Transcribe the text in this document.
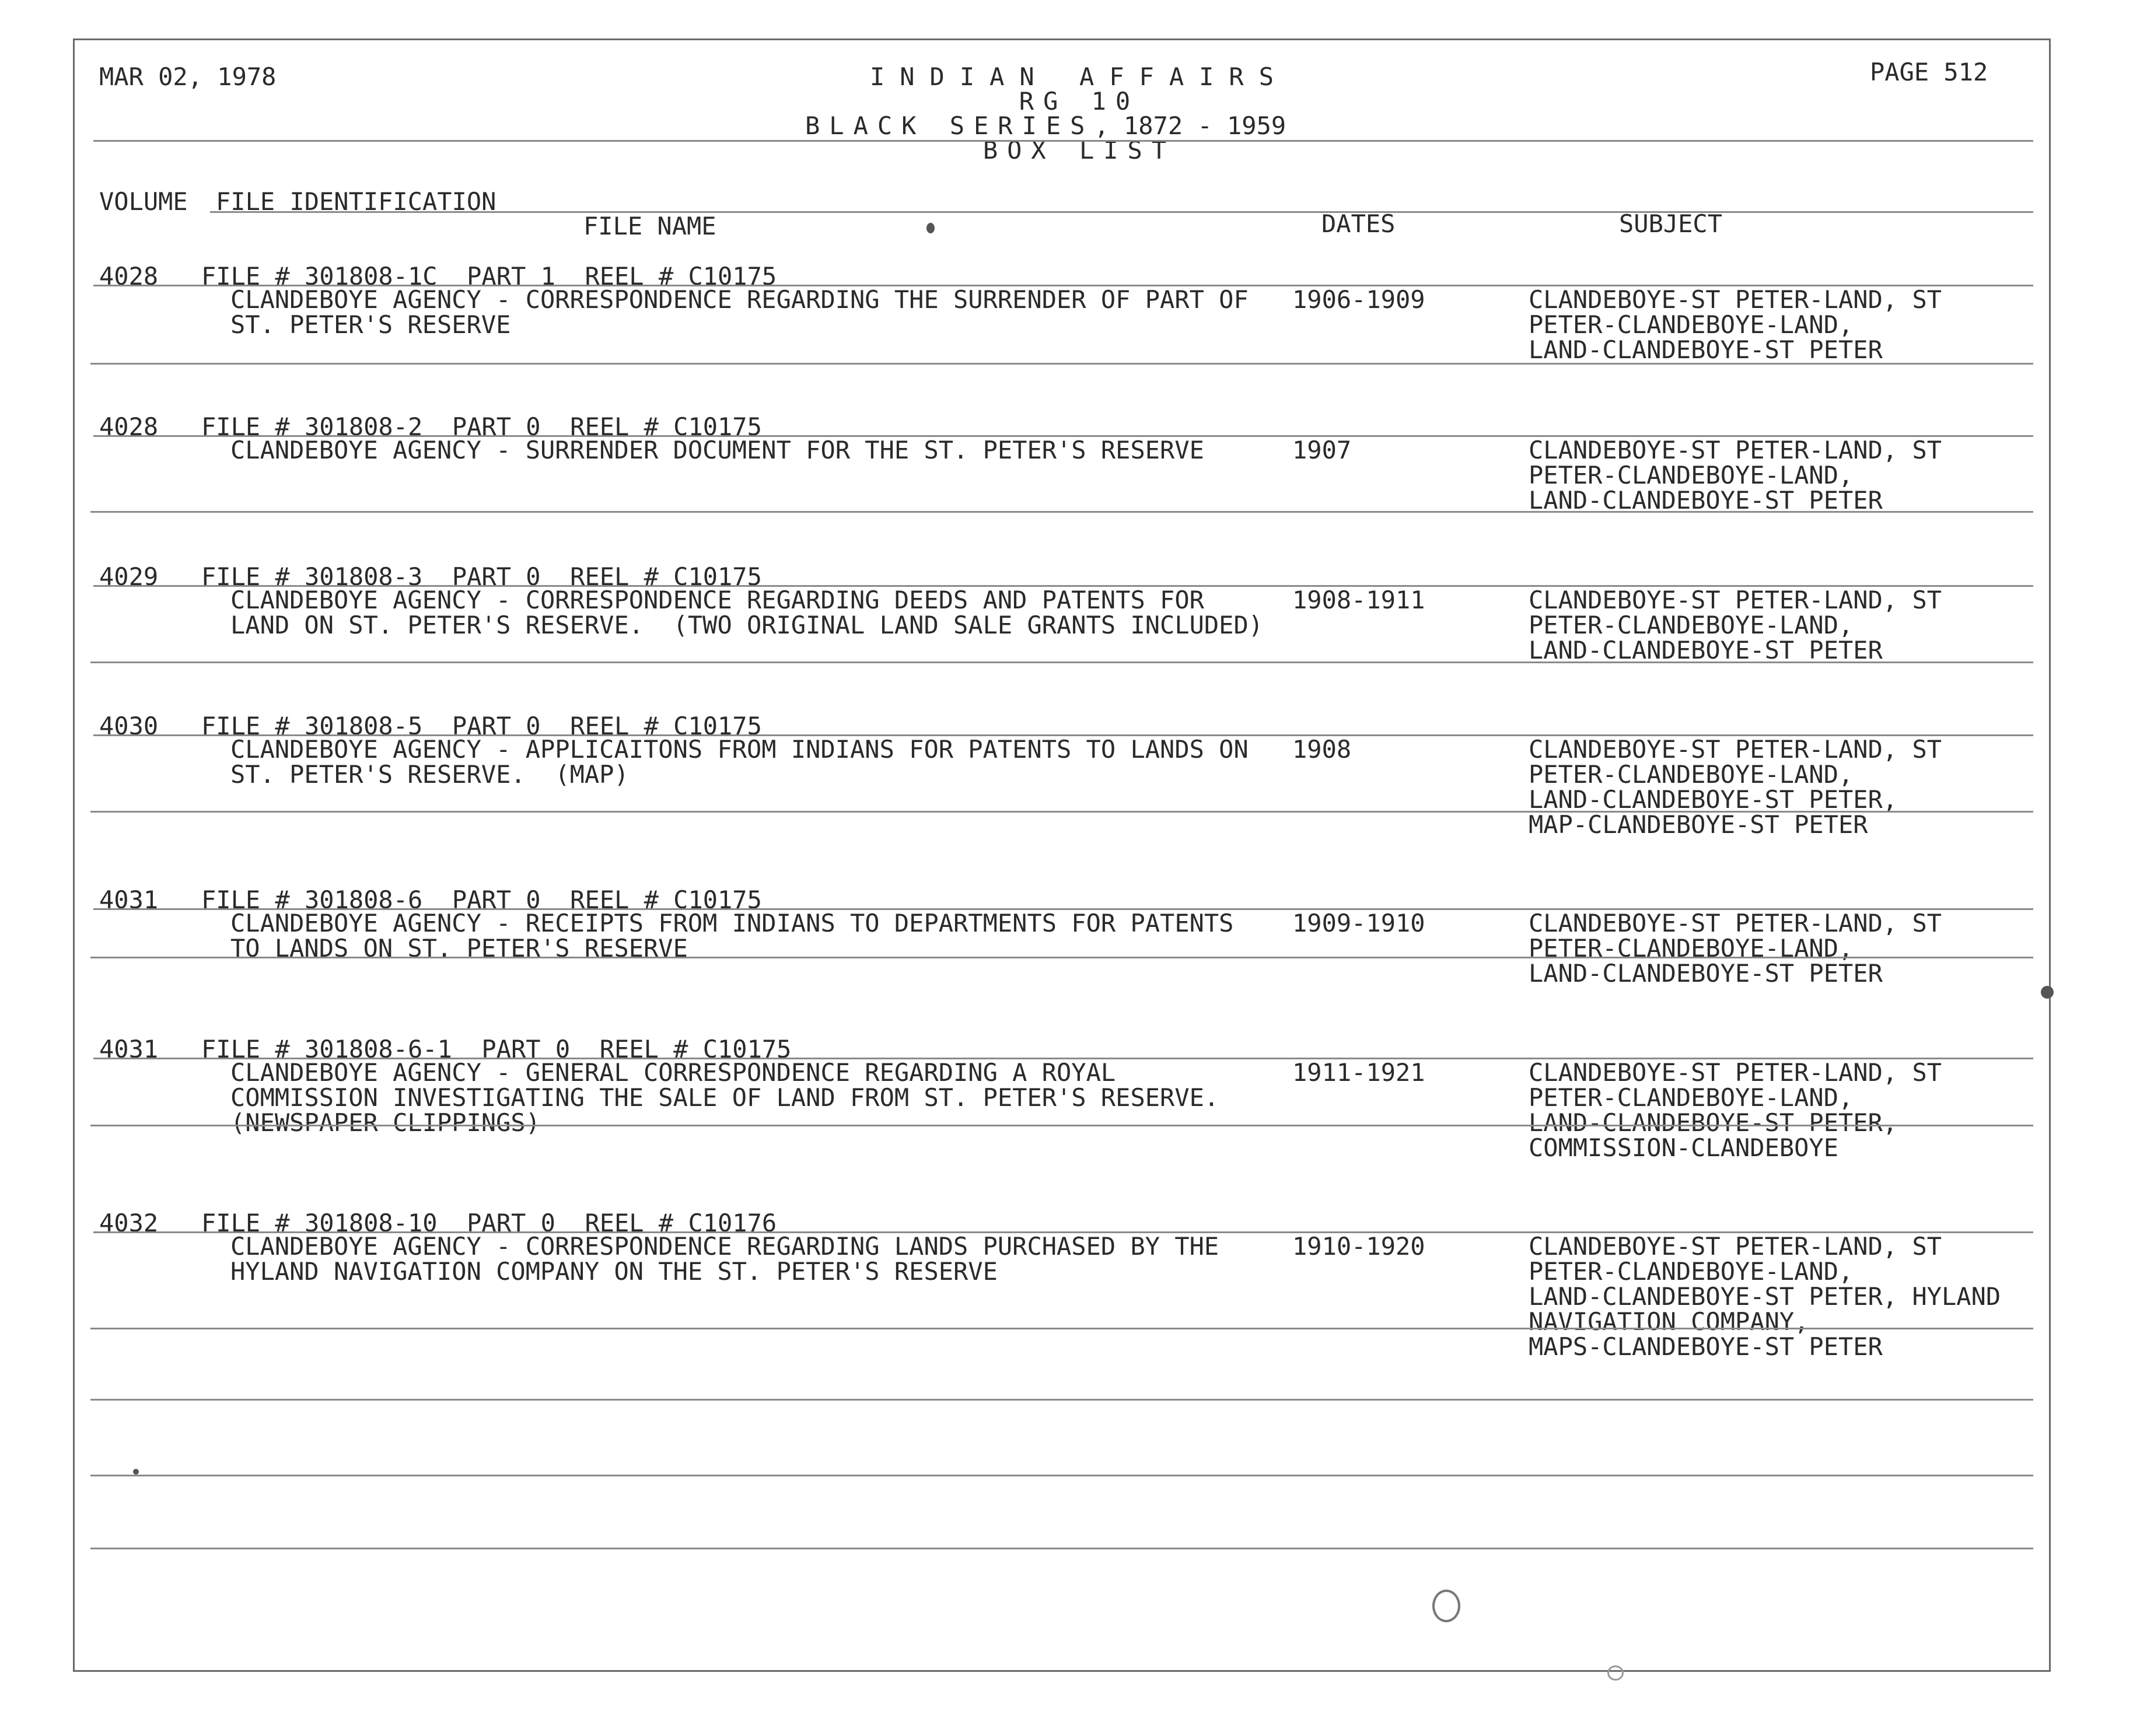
MAR 02, 1978	INDIAN AFFAIRS
RG 10
BLACK SERIES, 1872 - 1959
BOX LIST
PAGE 512
VOLUME FILE IDENTIFICATION
FILE NAME	DATES	SUBJECT
4028 FILE # 301808-1C  PART 1  REEL # C10175
CLANDEBOYE AGENCY - CORRESPONDENCE REGARDING THE SURRENDER OF PART OF
ST. PETER'S RESERVE
1906-1909	CLANDEBOYE-ST PETER-LAND, ST
PETER-CLANDEBOYE-LAND,
LAND-CLANDEBOYE-ST PETER
4028 FILE # 301808-2  PART 0  REEL # C10175
CLANDEBOYE AGENCY - SURRENDER DOCUMENT FOR THE ST. PETER'S RESERVE	1907	CLANDEBOYE-ST PETER-LAND, ST
PETER-CLANDEBOYE-LAND,
LAND-CLANDEBOYE-ST PETER
4029 FILE # 301808-3  PART 0  REEL # C10175
CLANDEBOYE AGENCY - CORRESPONDENCE REGARDING DEEDS AND PATENTS FOR
LAND ON ST. PETER'S RESERVE.  (TWO ORIGINAL LAND SALE GRANTS INCLUDED)
1908-1911	CLANDEBOYE-ST PETER-LAND, ST
PETER-CLANDEBOYE-LAND,
LAND-CLANDEBOYE-ST PETER
4030 FILE # 301808-5  PART 0  REEL # C10175
CLANDEBOYE AGENCY - APPLICAITONS FROM INDIANS FOR PATENTS TO LANDS ON
ST. PETER'S RESERVE.  (MAP)
1908	CLANDEBOYE-ST PETER-LAND, ST
PETER-CLANDEBOYE-LAND,
LAND-CLANDEBOYE-ST PETER,
MAP-CLANDEBOYE-ST PETER
4031 FILE # 301808-6  PART 0  REEL # C10175
CLANDEBOYE AGENCY - RECEIPTS FROM INDIANS TO DEPARTMENTS FOR PATENTS
TO LANDS ON ST. PETER'S RESERVE
1909-1910	CLANDEBOYE-ST PETER-LAND, ST
PETER-CLANDEBOYE-LAND,
LAND-CLANDEBOYE-ST PETER
4031 FILE # 301808-6-1  PART 0  REEL # C10175
CLANDEBOYE AGENCY - GENERAL CORRESPONDENCE REGARDING A ROYAL
COMMISSION INVESTIGATING THE SALE OF LAND FROM ST. PETER'S RESERVE.
(NEWSPAPER CLIPPINGS)
1911-1921	CLANDEBOYE-ST PETER-LAND, ST
PETER-CLANDEBOYE-LAND,
LAND-CLANDEBOYE-ST PETER,
COMMISSION-CLANDEBOYE
4032 FILE # 301808-10  PART 0  REEL # C10176
CLANDEBOYE AGENCY - CORRESPONDENCE REGARDING LANDS PURCHASED BY THE
HYLAND NAVIGATION COMPANY ON THE ST. PETER'S RESERVE
1910-1920	CLANDEBOYE-ST PETER-LAND, ST
PETER-CLANDEBOYE-LAND,
LAND-CLANDEBOYE-ST PETER, HYLAND
NAVIGATION COMPANY,
MAPS-CLANDEBOYE-ST PETER
